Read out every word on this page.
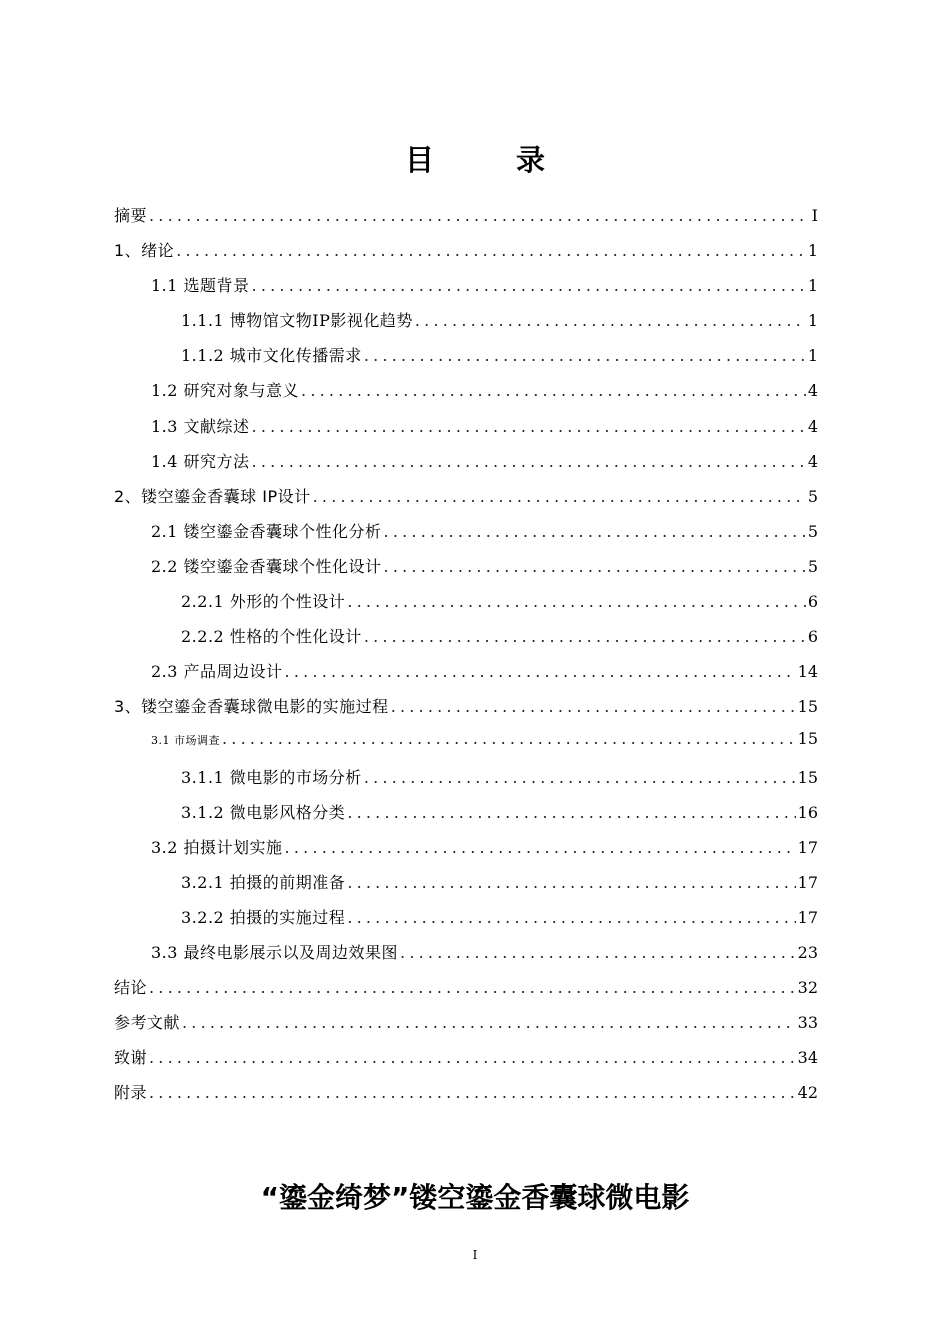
目 录
摘要 .....	I
1、绪论 .....	1
1.1 选题背景 .....	1
1.1.1 博物馆文物IP影视化趋势 .....	1
1.1.2 城市文化传播需求 .....	1
1.2 研究对象与意义 .....	4
1.3 文献综述 .....	4
1.4 研究方法 .....	4
2、镂空鎏金香囊球 IP设计 .....	5
2.1 镂空鎏金香囊球个性化分析 .....	5
2.2 镂空鎏金香囊球个性化设计 .....	5
2.2.1 外形的个性设计 .....	6
2.2.2 性格的个性化设计 .....	6
2.3 产品周边设计 .....	14
3、镂空鎏金香囊球微电影的实施过程 .....	15
3.1 市场调查 .....	15
3.1.1 微电影的市场分析 .....	15
3.1.2 微电影风格分类 .....	16
3.2 拍摄计划实施 .....	17
3.2.1 拍摄的前期准备 .....	17
3.2.2 拍摄的实施过程 .....	17
3.3 最终电影展示以及周边效果图 .....	23
结论 .....	32
参考文献 .....	33
致谢 .....	34
附录 .....	42
“鎏金绮梦”镂空鎏金香囊球微电影
I
